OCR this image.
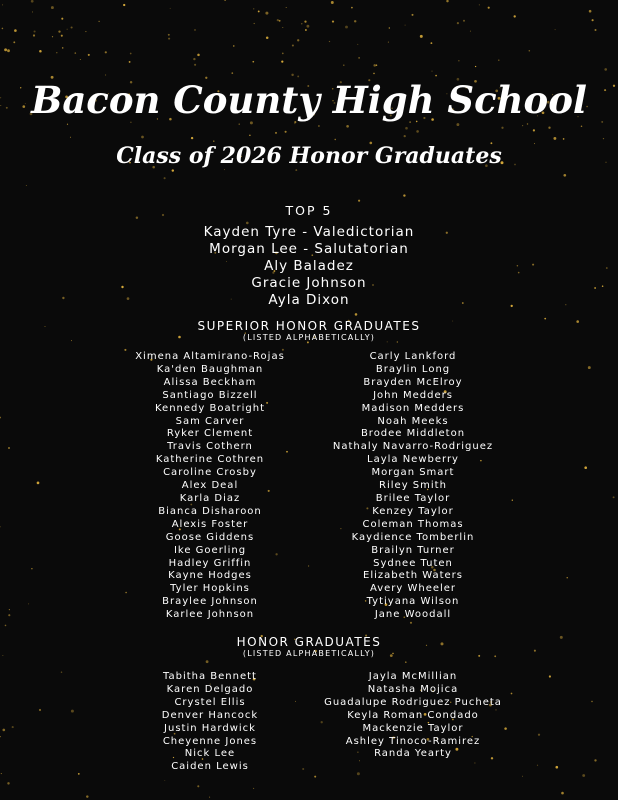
Bacon County High School
Class of 2026 Honor Graduates
TOP 5
Kayden Tyre - Valedictorian
Morgan Lee - Salutatorian
Aly Baladez
Gracie Johnson
Ayla Dixon
SUPERIOR HONOR GRADUATES
(LISTED ALPHABETICALLY)
Ximena Altamirano-Rojas
Ka'den Baughman
Alissa Beckham
Santiago Bizzell
Kennedy Boatright
Sam Carver
Ryker Clement
Travis Cothern
Katherine Cothren
Caroline Crosby
Alex Deal
Karla Diaz
Bianca Disharoon
Alexis Foster
Goose Giddens
Ike Goerling
Hadley Griffin
Kayne Hodges
Tyler Hopkins
Braylee Johnson
Karlee Johnson
Carly Lankford
Braylin Long
Brayden McElroy
John Medders
Madison Medders
Noah Meeks
Brodee Middleton
Nathaly Navarro-Rodriguez
Layla Newberry
Morgan Smart
Riley Smith
Brilee Taylor
Kenzey Taylor
Coleman Thomas
Kaydience Tomberlin
Brailyn Turner
Sydnee Tuten
Elizabeth Waters
Avery Wheeler
Tytiyana Wilson
Jane Woodall
HONOR GRADUATES
(LISTED ALPHABETICALLY)
Tabitha Bennett
Karen Delgado
Crystel Ellis
Denver Hancock
Justin Hardwick
Cheyenne Jones
Nick Lee
Caiden Lewis
Jayla McMillian
Natasha Mojica
Guadalupe Rodriguez Pucheta
Keyla Roman Condado
Mackenzie Taylor
Ashley Tinoco-Ramirez
Randa Yearty
